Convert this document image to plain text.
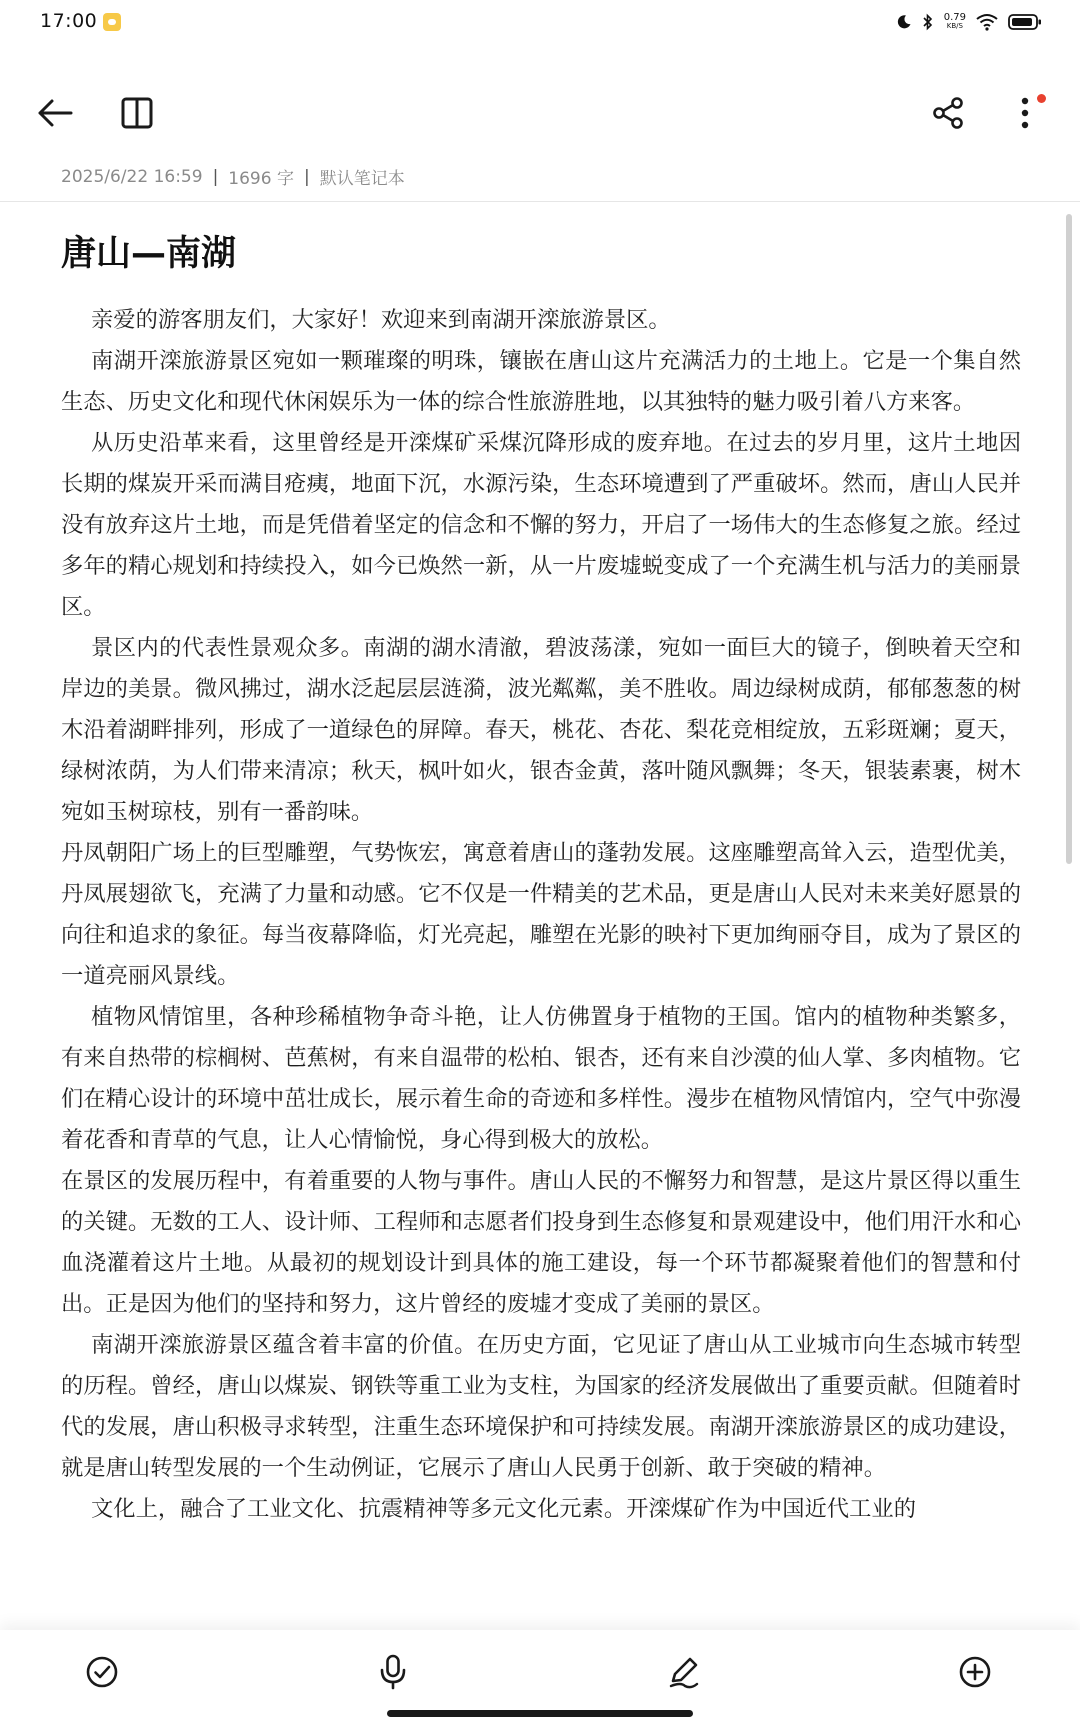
17:00	0.79
KB/S
2025/6/22 16:59 | 1696 字 | 默认笔记本
唐山—南湖

亲爱的游客朋友们，大家好！欢迎来到南湖开滦旅游景区。

南湖开滦旅游景区宛如一颗璀璨的明珠，镶嵌在唐山这片充满活力的土地上。它是一个集自然生态、历史文化和现代休闲娱乐为一体的综合性旅游胜地，以其独特的魅力吸引着八方来客。

从历史沿革来看，这里曾经是开滦煤矿采煤沉降形成的废弃地。在过去的岁月里，这片土地因长期的煤炭开采而满目疮痍，地面下沉，水源污染，生态环境遭到了严重破坏。然而，唐山人民并没有放弃这片土地，而是凭借着坚定的信念和不懈的努力，开启了一场伟大的生态修复之旅。经过多年的精心规划和持续投入，如今已焕然一新，从一片废墟蜕变成了一个充满生机与活力的美丽景区。

景区内的代表性景观众多。南湖的湖水清澈，碧波荡漾，宛如一面巨大的镜子，倒映着天空和岸边的美景。微风拂过，湖水泛起层层涟漪，波光粼粼，美不胜收。周边绿树成荫，郁郁葱葱的树木沿着湖畔排列，形成了一道绿色的屏障。春天，桃花、杏花、梨花竞相绽放，五彩斑斓；夏天，绿树浓荫，为人们带来清凉；秋天，枫叶如火，银杏金黄，落叶随风飘舞；冬天，银装素裹，树木宛如玉树琼枝，别有一番韵味。

丹凤朝阳广场上的巨型雕塑，气势恢宏，寓意着唐山的蓬勃发展。这座雕塑高耸入云，造型优美，丹凤展翅欲飞，充满了力量和动感。它不仅是一件精美的艺术品，更是唐山人民对未来美好愿景的向往和追求的象征。每当夜幕降临，灯光亮起，雕塑在光影的映衬下更加绚丽夺目，成为了景区的一道亮丽风景线。

植物风情馆里，各种珍稀植物争奇斗艳，让人仿佛置身于植物的王国。馆内的植物种类繁多，有来自热带的棕榈树、芭蕉树，有来自温带的松柏、银杏，还有来自沙漠的仙人掌、多肉植物。它们在精心设计的环境中茁壮成长，展示着生命的奇迹和多样性。漫步在植物风情馆内，空气中弥漫着花香和青草的气息，让人心情愉悦，身心得到极大的放松。

在景区的发展历程中，有着重要的人物与事件。唐山人民的不懈努力和智慧，是这片景区得以重生的关键。无数的工人、设计师、工程师和志愿者们投身到生态修复和景观建设中，他们用汗水和心血浇灌着这片土地。从最初的规划设计到具体的施工建设，每一个环节都凝聚着他们的智慧和付出。正是因为他们的坚持和努力，这片曾经的废墟才变成了美丽的景区。

南湖开滦旅游景区蕴含着丰富的价值。在历史方面，它见证了唐山从工业城市向生态城市转型的历程。曾经，唐山以煤炭、钢铁等重工业为支柱，为国家的经济发展做出了重要贡献。但随着时代的发展，唐山积极寻求转型，注重生态环境保护和可持续发展。南湖开滦旅游景区的成功建设，就是唐山转型发展的一个生动例证，它展示了唐山人民勇于创新、敢于突破的精神。

文化上，融合了工业文化、抗震精神等多元文化元素。开滦煤矿作为中国近代工业的
